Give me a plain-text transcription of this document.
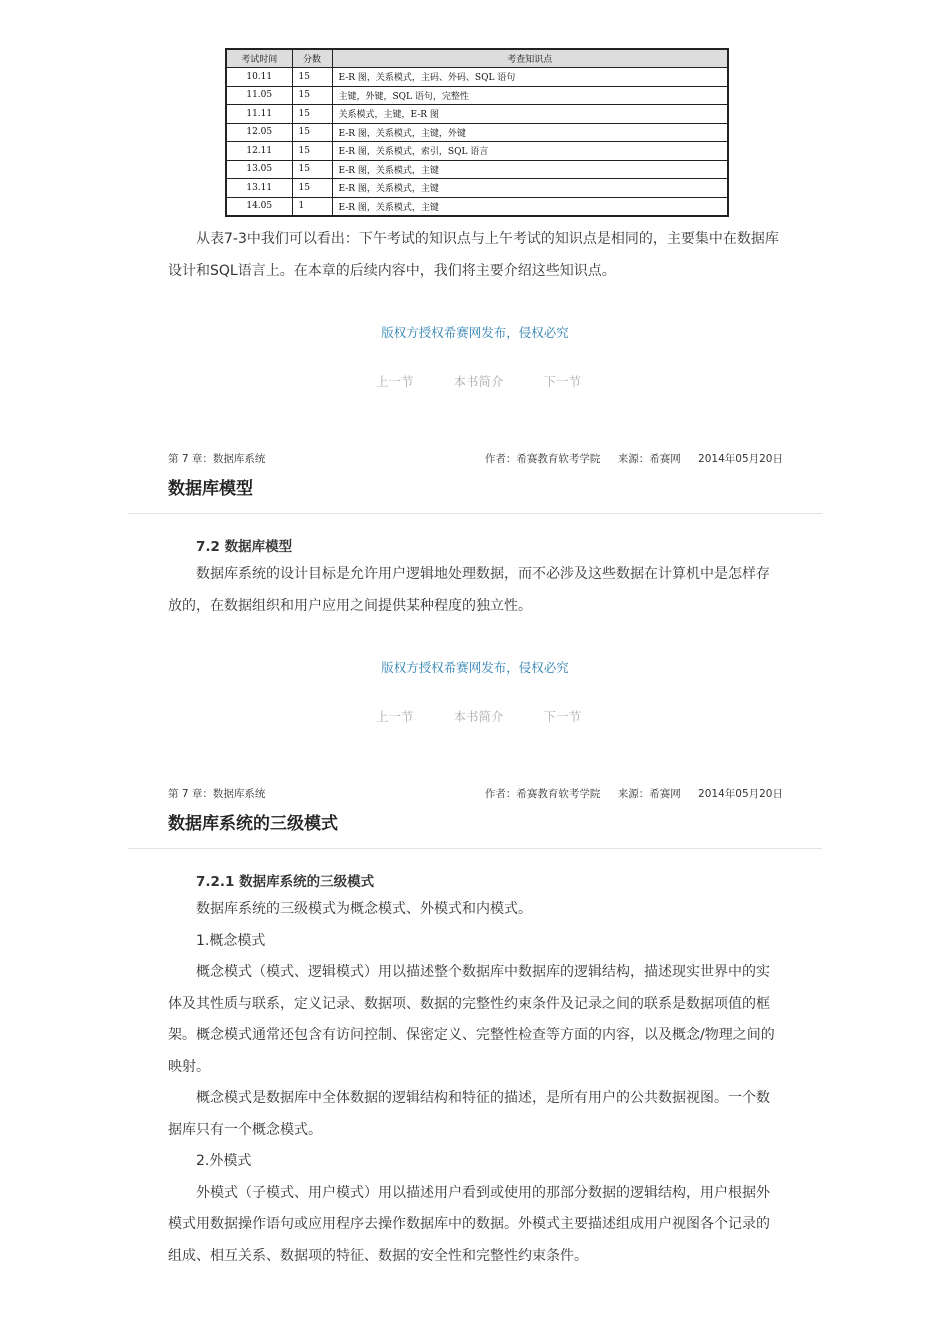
考试时间	分数	考查知识点
10.11	15	E-R 图，关系模式，主码、外码、SQL 语句
11.05	15	主键，外键，SQL 语句，完整性
11.11	15	关系模式，主键，E-R 图
12.05	15	E-R 图，关系模式，主键，外键
12.11	15	E-R 图，关系模式，索引，SQL 语言
13.05	15	E-R 图，关系模式，主键
13.11	15	E-R 图，关系模式，主键
14.05	1	E-R 图，关系模式，主键

从表7-3中我们可以看出：下午考试的知识点与上午考试的知识点是相同的，主要集中在数据库设计和SQL语言上。在本章的后续内容中，我们将主要介绍这些知识点。

版权方授权希赛网发布，侵权必究
上一节	本书简介	下一节
第 7 章：数据库系统	作者：希赛教育软考学院 来源：希赛网 2014年05月20日
数据库模型
7.2 数据库模型

数据库系统的设计目标是允许用户逻辑地处理数据，而不必涉及这些数据在计算机中是怎样存放的，在数据组织和用户应用之间提供某种程度的独立性。

版权方授权希赛网发布，侵权必究
上一节	本书简介	下一节
第 7 章：数据库系统	作者：希赛教育软考学院 来源：希赛网 2014年05月20日
数据库系统的三级模式
7.2.1 数据库系统的三级模式

数据库系统的三级模式为概念模式、外模式和内模式。

1.概念模式

概念模式（模式、逻辑模式）用以描述整个数据库中数据库的逻辑结构，描述现实世界中的实体及其性质与联系，定义记录、数据项、数据的完整性约束条件及记录之间的联系是数据项值的框架。概念模式通常还包含有访问控制、保密定义、完整性检查等方面的内容，以及概念/物理之间的映射。

概念模式是数据库中全体数据的逻辑结构和特征的描述，是所有用户的公共数据视图。一个数据库只有一个概念模式。

2.外模式

外模式（子模式、用户模式）用以描述用户看到或使用的那部分数据的逻辑结构，用户根据外模式用数据操作语句或应用程序去操作数据库中的数据。外模式主要描述组成用户视图各个记录的组成、相互关系、数据项的特征、数据的安全性和完整性约束条件。
